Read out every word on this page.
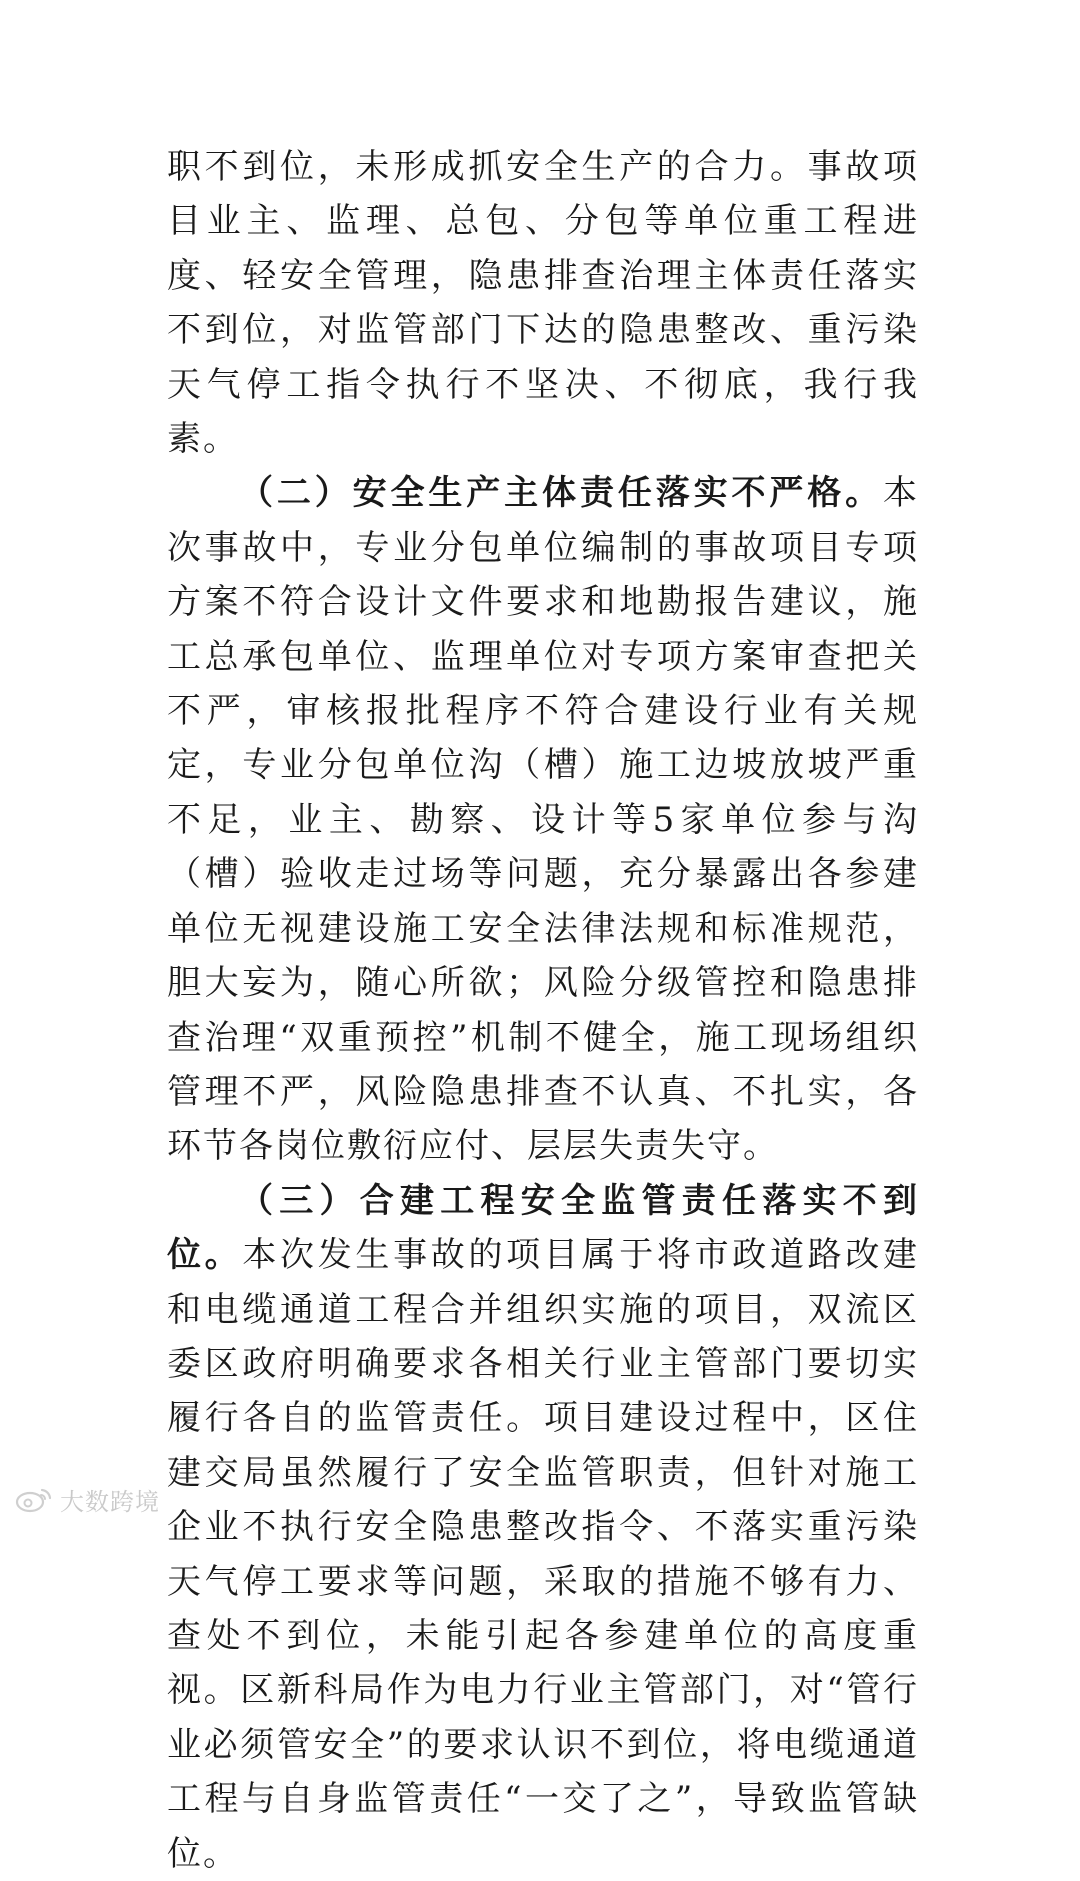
职不到位，未形成抓安全生产的合力。事故项目业主、监理、总包、分包等单位重工程进度、轻安全管理，隐患排查治理主体责任落实不到位，对监管部门下达的隐患整改、重污染天气停工指令执行不坚决、不彻底，我行我素。

（二）安全生产主体责任落实不严格。本次事故中，专业分包单位编制的事故项目专项方案不符合设计文件要求和地勘报告建议，施工总承包单位、监理单位对专项方案审查把关不严，审核报批程序不符合建设行业有关规定，专业分包单位沟（槽）施工边坡放坡严重不足，业主、勘察、设计等5家单位参与沟（槽）验收走过场等问题，充分暴露出各参建单位无视建设施工安全法律法规和标准规范，胆大妄为，随心所欲；风险分级管控和隐患排查治理“双重预控”机制不健全，施工现场组织管理不严，风险隐患排查不认真、不扎实，各环节各岗位敷衍应付、层层失责失守。

（三）合建工程安全监管责任落实不到位。本次发生事故的项目属于将市政道路改建和电缆通道工程合并组织实施的项目，双流区委区政府明确要求各相关行业主管部门要切实履行各自的监管责任。项目建设过程中，区住建交局虽然履行了安全监管职责，但针对施工企业不执行安全隐患整改指令、不落实重污染天气停工要求等问题，采取的措施不够有力、查处不到位，未能引起各参建单位的高度重视。区新科局作为电力行业主管部门，对“管行业必须管安全”的要求认识不到位，将电缆通道工程与自身监管责任“一交了之”，导致监管缺位。

大数跨境
